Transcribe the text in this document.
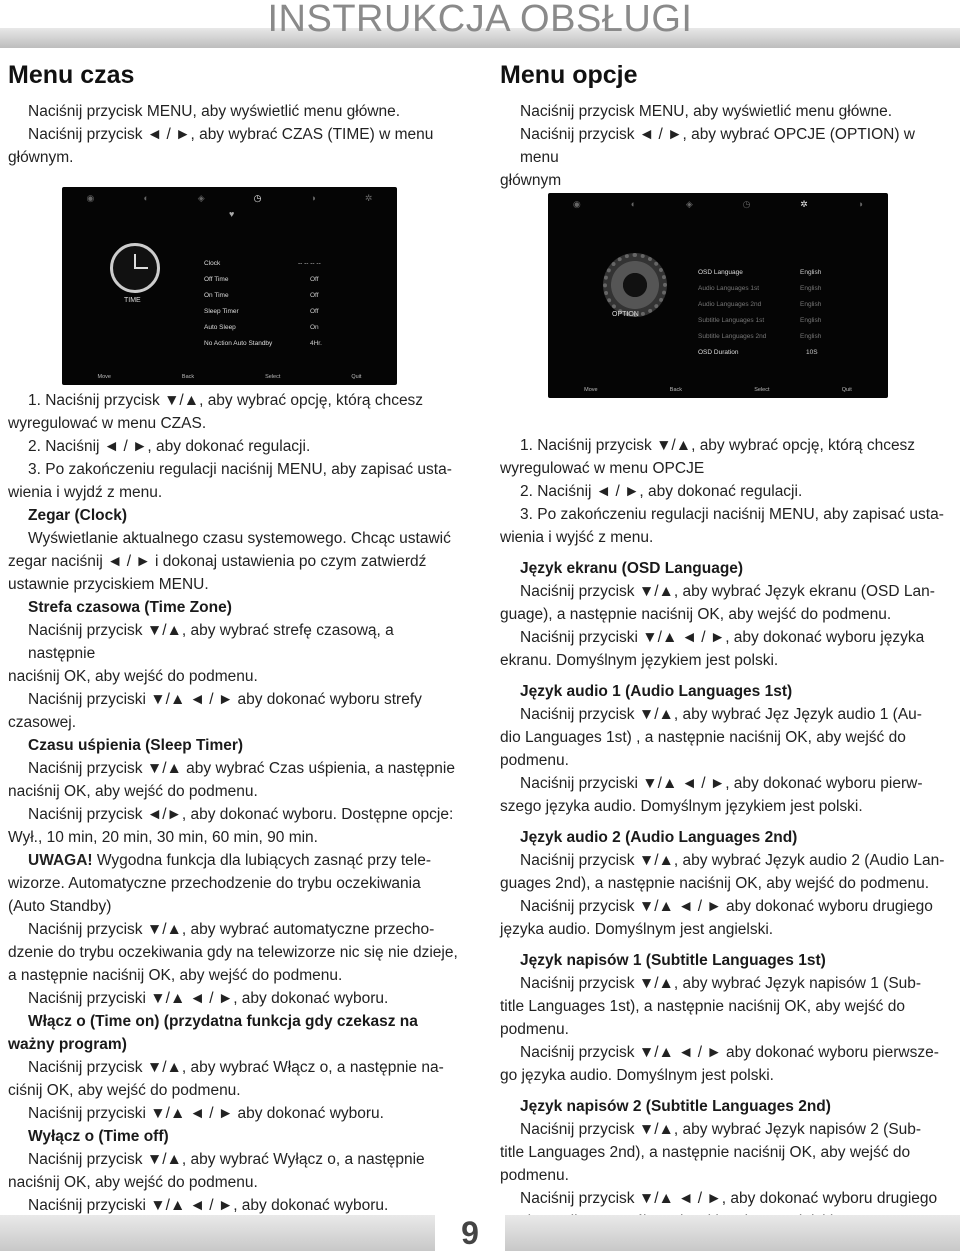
INSTRUKCJA OBSŁUGI
Menu czas

Naciśnij przycisk MENU, aby wyświetlić menu główne.

Naciśnij przycisk ◄ / ►, aby wybrać CZAS (TIME) w menu

głównym.

1. Naciśnij przycisk ▼/▲, aby wybrać opcję, którą chcesz

wyregulować w menu CZAS.

2. Naciśnij ◄ / ►, aby dokonać regulacji.

3. Po zakończeniu regulacji naciśnij MENU, aby zapisać usta-

wienia i wyjdź z menu.

Zegar (Clock)

Wyświetlanie aktualnego czasu systemowego. Chcąc ustawić

zegar naciśnij ◄ / ► i dokonaj ustawienia po czym zatwierdź

ustawnie przyciskiem MENU.

Strefa czasowa (Time Zone)

Naciśnij przycisk ▼/▲, aby wybrać strefę czasową, a następnie

naciśnij OK, aby wejść do podmenu.

Naciśnij przyciski ▼/▲ ◄ / ► aby dokonać wyboru strefy

czasowej.

Czasu uśpienia (Sleep Timer)

Naciśnij przycisk ▼/▲ aby wybrać Czas uśpienia, a następnie

naciśnij OK, aby wejść do podmenu.

Naciśnij przycisk ◄/►, aby dokonać wyboru. Dostępne opcje:

Wył., 10 min, 20 min, 30 min, 60 min, 90 min.

UWAGA! Wygodna funkcja dla lubiących zasnąć przy tele-

wizorze. Automatyczne przechodzenie do trybu oczekiwania

(Auto Standby)

Naciśnij przycisk ▼/▲, aby wybrać automatyczne przecho-

dzenie do trybu oczekiwania gdy na telewizorze nic się nie dzieje,

a następnie naciśnij OK, aby wejść do podmenu.

Naciśnij przyciski ▼/▲ ◄ / ►, aby dokonać wyboru.

Włącz o (Time on) (przydatna funkcja gdy czekasz na

ważny program)

Naciśnij przycisk ▼/▲, aby wybrać Włącz o, a następnie na-

ciśnij OK, aby wejść do podmenu.

Naciśnij przyciski ▼/▲ ◄ / ► aby dokonać wyboru.

Wyłącz o (Time off)

Naciśnij przycisk ▼/▲, aby wybrać Wyłącz o, a następnie

naciśnij OK, aby wejść do podmenu.

Naciśnij przyciski ▼/▲ ◄ / ►, aby dokonać wyboru.

Menu opcje

Naciśnij przycisk MENU, aby wyświetlić menu główne.

Naciśnij przycisk ◄ / ►, aby wybrać OPCJE (OPTION) w menu

głównym

1. Naciśnij przycisk ▼/▲, aby wybrać opcję, którą chcesz

wyregulować w menu OPCJE

2. Naciśnij ◄ / ►, aby dokonać regulacji.

3. Po zakończeniu regulacji naciśnij MENU, aby zapisać usta-

wienia i wyjść z menu.

Język ekranu (OSD Language)

Naciśnij przycisk ▼/▲, aby wybrać Język ekranu (OSD Lan-

guage), a następnie naciśnij OK, aby wejść do podmenu.

Naciśnij przyciski ▼/▲ ◄ / ►, aby dokonać wyboru języka

ekranu. Domyślnym językiem jest polski.

Język audio 1 (Audio Languages 1st)

Naciśnij przycisk ▼/▲, aby wybrać Jęz Język audio 1 (Au-

dio Languages 1st) , a następnie naciśnij OK, aby wejść do

podmenu.

Naciśnij przyciski ▼/▲ ◄ / ►, aby dokonać wyboru pierw-

szego języka audio. Domyślnym językiem jest polski.

Język audio 2 (Audio Languages 2nd)

Naciśnij przycisk ▼/▲, aby wybrać Język audio 2 (Audio Lan-

guages 2nd), a następnie naciśnij OK, aby wejść do podmenu.

Naciśnij przycisk ▼/▲ ◄ / ► aby dokonać wyboru drugiego

języka audio. Domyślnym jest angielski.

Język napisów 1 (Subtitle Languages 1st)

Naciśnij przycisk ▼/▲, aby wybrać Język napisów 1 (Sub-

title Languages 1st), a następnie naciśnij OK, aby wejść do

podmenu.

Naciśnij przycisk ▼/▲ ◄ / ► aby dokonać wyboru pierwsze-

go języka audio. Domyślnym jest polski.

Język napisów 2 (Subtitle Languages 2nd)

Naciśnij przycisk ▼/▲, aby wybrać Język napisów 2 (Sub-

title Languages 2nd), a następnie naciśnij OK, aby wejść do

podmenu.

Naciśnij przycisk ▼/▲ ◄ / ►, aby dokonać wyboru drugiego

◉	◐	◈	◷	◑	✲
♥
TIME
Clock	-- -- -- --
Off Time	Off
On Time	Off
Sleep Timer	Off
Auto Sleep	On
No Action Auto Standby	4Hr.
Move	Back	Select	Quit
◉	◐	◈	◷	✲	◑
OPTION
OSD Language	English
Audio Languages 1st	English
Audio Languages 2nd	English
Subtitle Languages 1st	English
Subtitle Languages 2nd	English
OSD Duration	10S
Move	Back	Select	Quit
9
